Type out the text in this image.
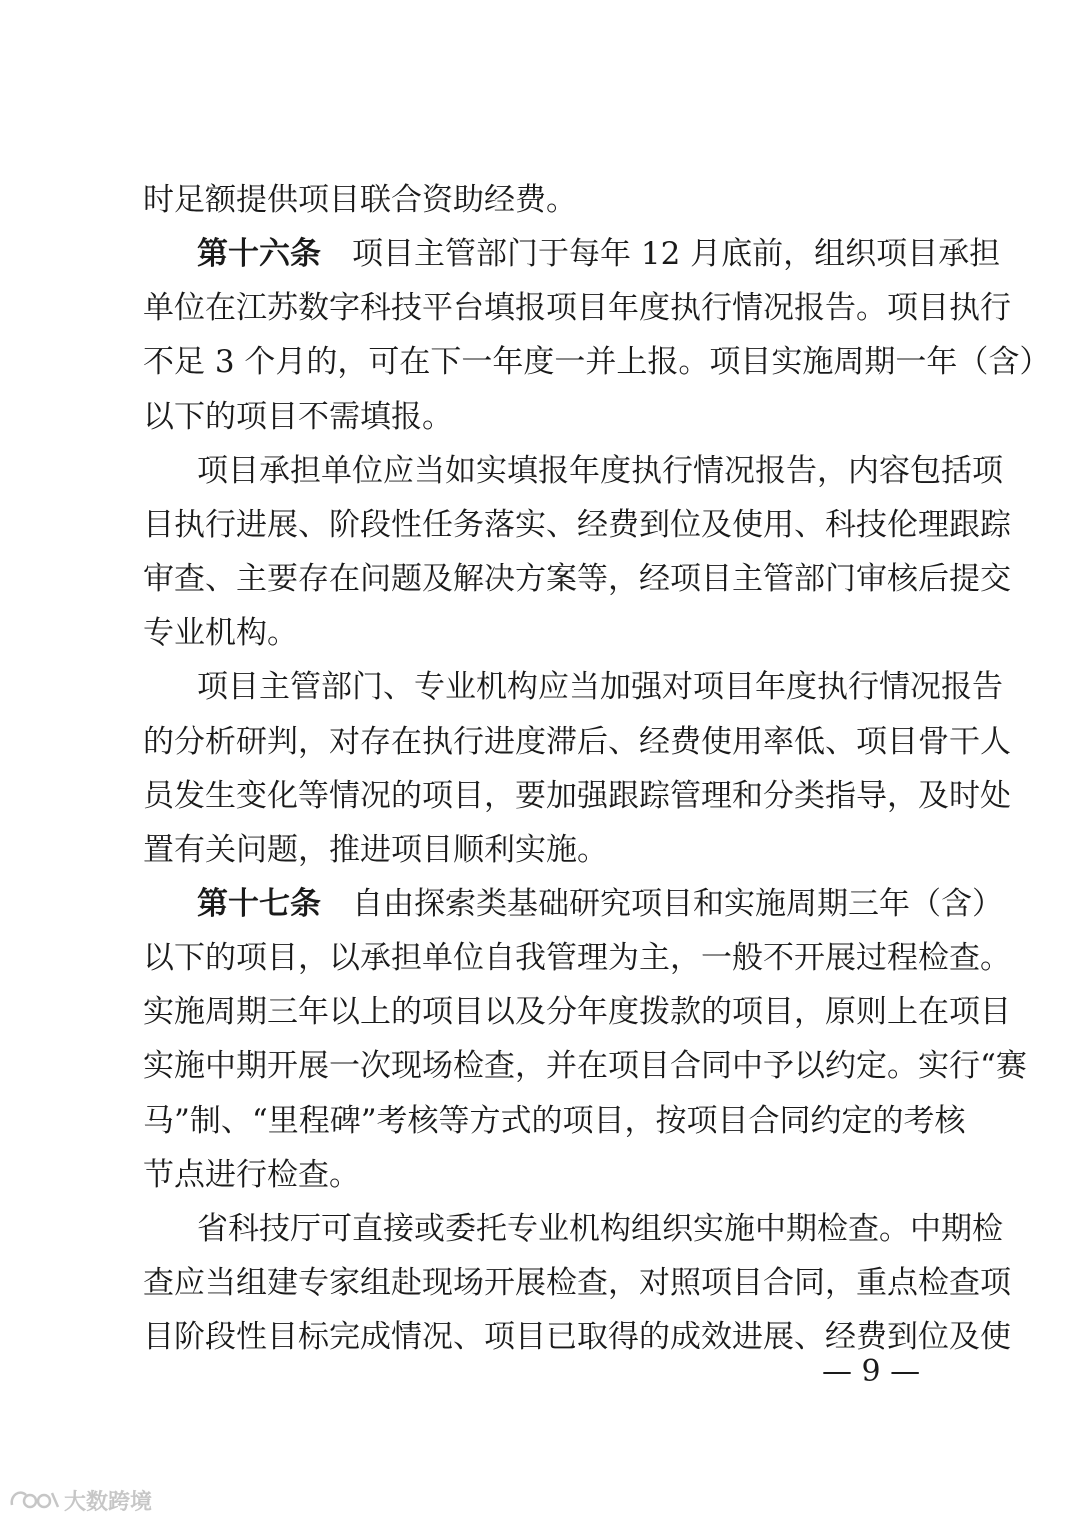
时足额提供项目联合资助经费。
第十六条　项目主管部门于每年 12 月底前，组织项目承担
单位在江苏数字科技平台填报项目年度执行情况报告。项目执行
不足 3 个月的，可在下一年度一并上报。项目实施周期一年（含）
以下的项目不需填报。
项目承担单位应当如实填报年度执行情况报告，内容包括项
目执行进展、阶段性任务落实、经费到位及使用、科技伦理跟踪
审查、主要存在问题及解决方案等，经项目主管部门审核后提交
专业机构。
项目主管部门、专业机构应当加强对项目年度执行情况报告
的分析研判，对存在执行进度滞后、经费使用率低、项目骨干人
员发生变化等情况的项目，要加强跟踪管理和分类指导，及时处
置有关问题，推进项目顺利实施。
第十七条　自由探索类基础研究项目和实施周期三年（含）
以下的项目，以承担单位自我管理为主，一般不开展过程检查。
实施周期三年以上的项目以及分年度拨款的项目，原则上在项目
实施中期开展一次现场检查，并在项目合同中予以约定。实行“赛
马”制、“里程碑”考核等方式的项目，按项目合同约定的考核
节点进行检查。
省科技厅可直接或委托专业机构组织实施中期检查。中期检
查应当组建专家组赴现场开展检查，对照项目合同，重点检查项
目阶段性目标完成情况、项目已取得的成效进展、经费到位及使
— 9 —
大数跨境
